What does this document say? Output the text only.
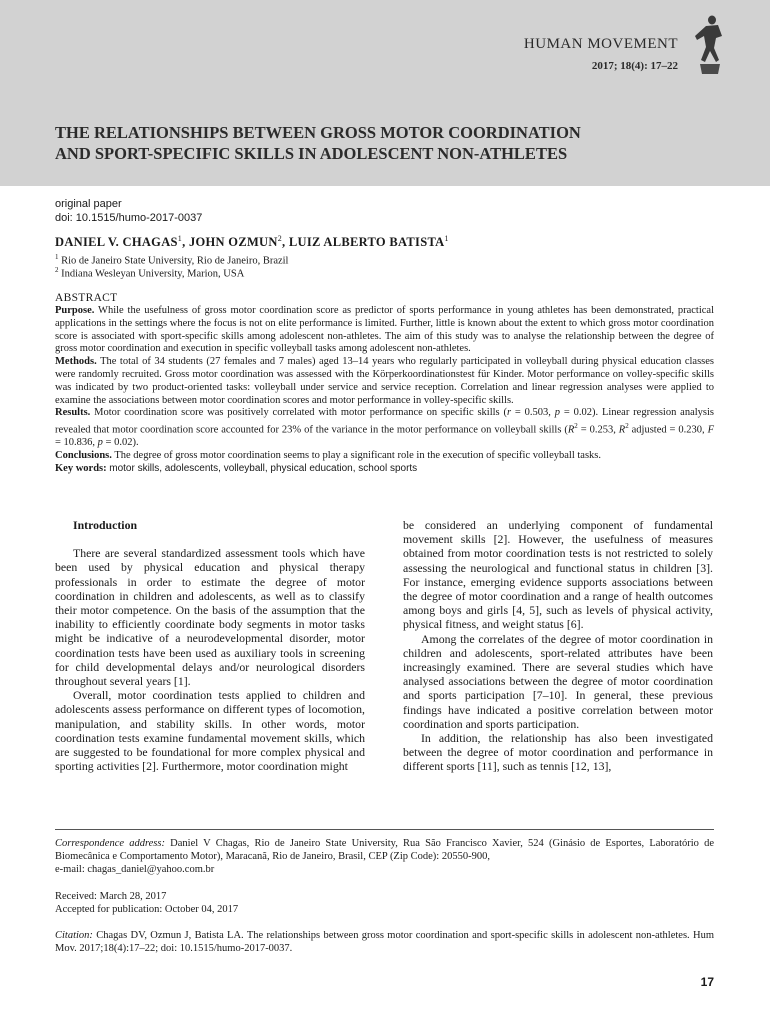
HUMAN MOVEMENT
2017; 18(4): 17–22
THE RELATIONSHIPS BETWEEN GROSS MOTOR COORDINATION
AND SPORT-SPECIFIC SKILLS IN ADOLESCENT NON-ATHLETES
original paper
doi: 10.1515/humo-2017-0037
DANIEL V. CHAGAS$^1$, JOHN OZMUN$^2$, LUIZ ALBERTO BATISTA$^1$
$^1$ Rio de Janeiro State University, Rio de Janeiro, Brazil
$^2$ Indiana Wesleyan University, Marion, USA
ABSTRACT

Purpose. While the usefulness of gross motor coordination score as predictor of sports performance in young athletes has been demonstrated, practical applications in the settings where the focus is not on elite performance is limited. Further, little is known about the extent to which gross motor coordination score is associated with sport-specific skills among adolescent non-athletes. The aim of this study was to analyse the relationship between the degree of gross motor coordination and execution in specific volleyball tasks among adolescent non-athletes.

Methods. The total of 34 students (27 females and 7 males) aged 13–14 years who regularly participated in volleyball during physical education classes were randomly recruited. Gross motor coordination was assessed with the Körperkoordinationstest für Kinder. Motor performance on volley-specific skills was indicated by two product-oriented tasks: volleyball under service and service reception. Correlation and linear regression analyses were applied to examine the associations between motor coordination scores and motor performance in volley-specific skills.

Results. Motor coordination score was positively correlated with motor performance on specific skills (r = 0.503, p = 0.02). Linear regression analysis revealed that motor coordination score accounted for 23% of the variance in the motor performance on volleyball skills ($R^2 = 0.253$, $R^2$ adjusted = 0.230, F = 10.836, p = 0.02).

Conclusions. The degree of gross motor coordination seems to play a significant role in the execution of specific volleyball tasks.

Key words: motor skills, adolescents, volleyball, physical education, school sports

Introduction

There are several standardized assessment tools which have been used by physical education and physical therapy professionals in order to estimate the degree of motor coordination in children and adolescents, as well as to classify their motor competence. On the basis of the assumption that the inability to efficiently coordinate body segments in motor tasks might be indicative of a neurodevelopmental disorder, motor coordination tests have been used as auxiliary tools in screening for child developmental delays and/or neurological disorders throughout several years [1].

Overall, motor coordination tests applied to children and adolescents assess performance on different types of locomotion, manipulation, and stability skills. In other words, motor coordination tests examine fundamental movement skills, which are suggested to be foundational for more complex physical and sporting activities [2]. Furthermore, motor coordination might

be considered an underlying component of fundamental movement skills [2]. However, the usefulness of measures obtained from motor coordination tests is not restricted to solely assessing the neurological and functional status in children [3]. For instance, emerging evidence supports associations between the degree of motor coordination and a range of health outcomes among boys and girls [4, 5], such as levels of physical activity, physical fitness, and weight status [6].

Among the correlates of the degree of motor coordination in children and adolescents, sport-related attributes have been increasingly examined. There are several studies which have analysed associations between the degree of motor coordination and sports participation [7–10]. In general, these previous findings have indicated a positive correlation between motor coordination and sports participation.

In addition, the relationship has also been investigated between the degree of motor coordination and performance in different sports [11], such as tennis [12, 13],

Correspondence address: Daniel V Chagas, Rio de Janeiro State University, Rua São Francisco Xavier, 524 (Ginásio de Esportes, Laboratório de Biomecânica e Comportamento Motor), Maracanã, Rio de Janeiro, Brasil, CEP (Zip Code): 20550-900,
e-mail: chagas_daniel@yahoo.com.br
Received: March 28, 2017
Accepted for publication: October 04, 2017
Citation: Chagas DV, Ozmun J, Batista LA. The relationships between gross motor coordination and sport-specific skills in adolescent non-athletes. Hum Mov. 2017;18(4):17–22; doi: 10.1515/humo-2017-0037.
17
